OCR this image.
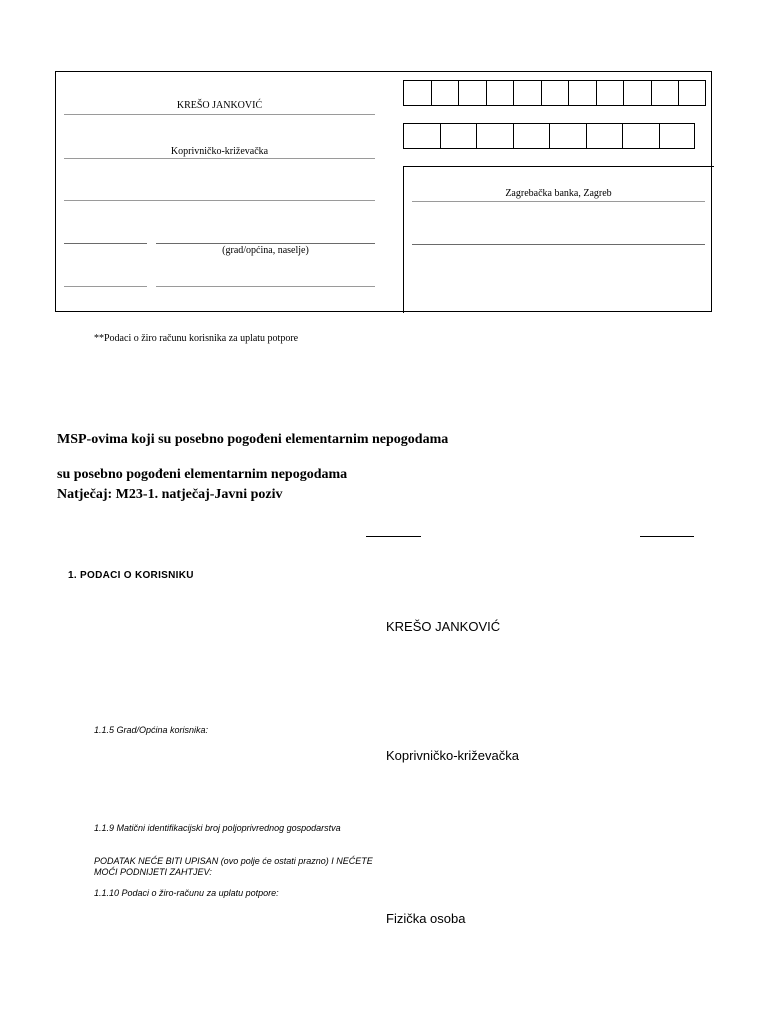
KREŠO JANKOVIĆ
Koprivničko-križevačka
(grad/općina, naselje)
Zagrebačka banka, Zagreb
**Podaci o žiro računu korisnika za uplatu potpore
MSP-ovima koji su posebno pogođeni elementarnim nepogodama
su posebno pogođeni elementarnim nepogodama
Natječaj: M23-1. natječaj-Javni poziv
1. PODACI O KORISNIKU
KREŠO JANKOVIĆ
1.1.5 Grad/Općina korisnika:
Koprivničko-križevačka
1.1.9 Matični identifikacijski broj poljoprivrednog gospodarstva
PODATAK NEĆE BITI UPISAN (ovo polje će ostati prazno) I NEĆETE MOĆI PODNIJETI ZAHTJEV:
1.1.10 Podaci o žiro-računu za uplatu potpore:
Fizička osoba
